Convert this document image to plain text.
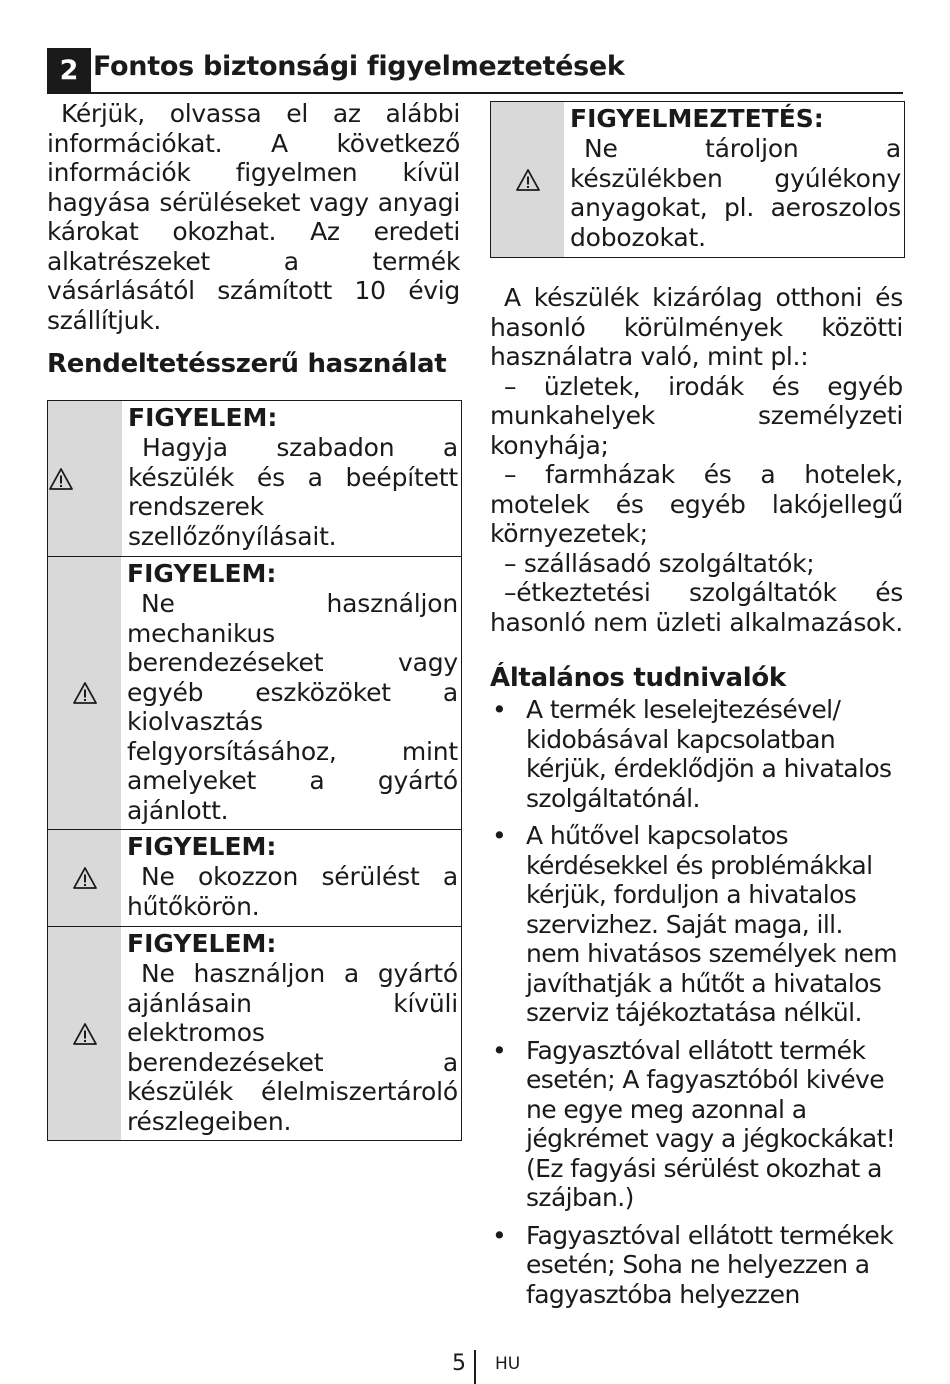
2 Fontos biztonsági figyelmeztetések

Kérjük, olvassa el az alábbi információkat. A következő információk figyelmen kívül hagyása sérüléseket vagy anyagi károkat okozhat. Az eredeti alkatrészeket a termék vásárlásától számított 10 évig szállítjuk.

Rendeltetésszerű használat

FIGYELEM:

Hagyja szabadon a készülék és a beépített rendszerek szellőzőnyílásait.

FIGYELEM:

Ne használjon mechanikus berendezéseket vagy egyéb eszközöket a kiolvasztás felgyorsításához, mint amelyeket a gyártó ajánlott.

FIGYELEM:

Ne okozzon sérülést a hűtőkörön.

FIGYELEM:

Ne használjon a gyártó ajánlásain kívüli elektromos berendezéseket a készülék élelmiszertároló részlegeiben.

FIGYELMEZTETÉS:

Ne tároljon a készülékben gyúlékony anyagokat, pl. aeroszolos dobozokat.

A készülék kizárólag otthoni és hasonló körülmények közötti használatra való, mint pl.:

– üzletek, irodák és egyéb munkahelyek személyzeti konyhája;

– farmházak és a hotelek, motelek és egyéb lakójellegű környezetek;

– szállásadó szolgáltatók;

–étkeztetési szolgáltatók és hasonló nem üzleti alkalmazások.

Általános tudnivalók

• A termék leselejtezésével/ kidobásával kapcsolatban kérjük, érdeklődjön a hivatalos szolgáltatónál.
• A hűtővel kapcsolatos kérdésekkel és problémákkal kérjük, forduljon a hivatalos szervizhez. Saját maga, ill. nem hivatásos személyek nem javíthatják a hűtőt a hivatalos szerviz tájékoztatása nélkül.
• Fagyasztóval ellátott termék esetén; A fagyasztóból kivéve ne egye meg azonnal a jégkrémet vagy a jégkockákat! (Ez fagyási sérülést okozhat a szájban.)
• Fagyasztóval ellátott termékek esetén; Soha ne helyezzen a fagyasztóba helyezzen
5 HU
